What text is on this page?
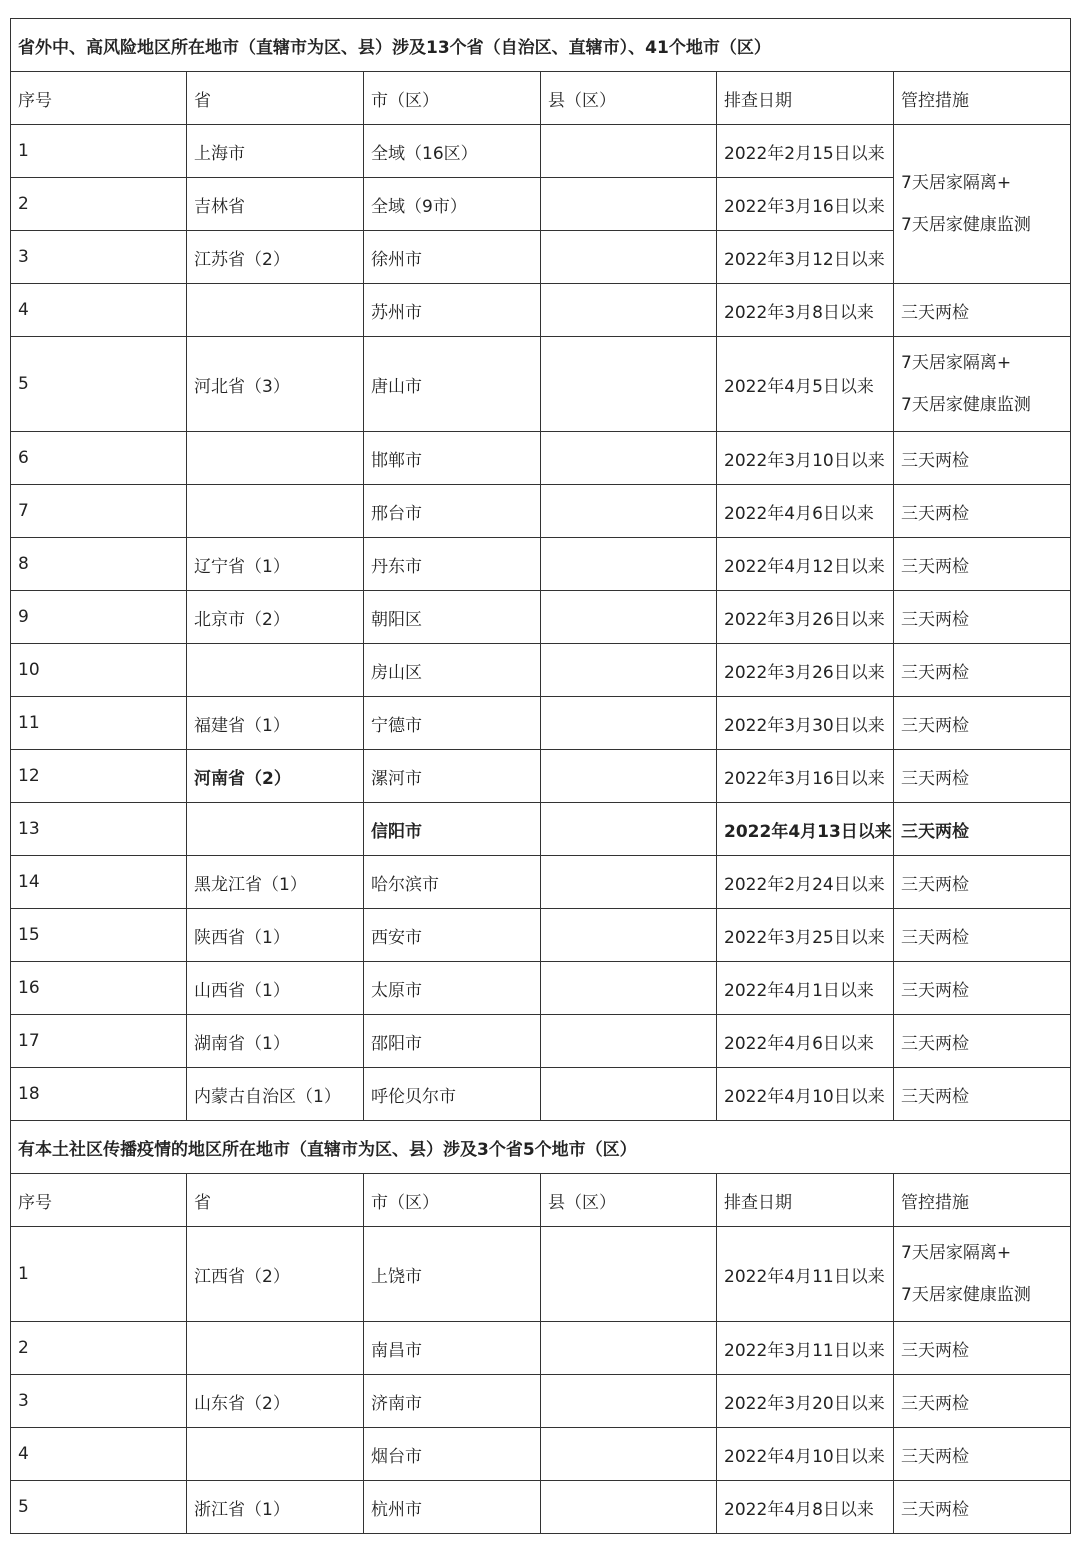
省外中、高风险地区所在地市（直辖市为区、县）涉及13个省（自治区、直辖市）、41个地市（区）					
序号	省	市（区）	县（区）	排查日期	管控措施
1	上海市	全域（16区）		2022年2月15日以来	7天居家隔离+
7天居家健康监测

2	吉林省	全域（9市）		2022年3月16日以来	
3	江苏省（2）	徐州市		2022年3月12日以来	
4		苏州市		2022年3月8日以来	三天两检
5	河北省（3）	唐山市		2022年4月5日以来	7天居家隔离+
7天居家健康监测

6		邯郸市		2022年3月10日以来	三天两检
7		邢台市		2022年4月6日以来	三天两检
8	辽宁省（1）	丹东市		2022年4月12日以来	三天两检
9	北京市（2）	朝阳区		2022年3月26日以来	三天两检
10		房山区		2022年3月26日以来	三天两检
11	福建省（1）	宁德市		2022年3月30日以来	三天两检
12	河南省（2）	漯河市		2022年3月16日以来	三天两检
13		信阳市		2022年4月13日以来	三天两检
14	黑龙江省（1）	哈尔滨市		2022年2月24日以来	三天两检
15	陕西省（1）	西安市		2022年3月25日以来	三天两检
16	山西省（1）	太原市		2022年4月1日以来	三天两检
17	湖南省（1）	邵阳市		2022年4月6日以来	三天两检
18	内蒙古自治区（1）	呼伦贝尔市		2022年4月10日以来	三天两检
有本土社区传播疫情的地区所在地市（直辖市为区、县）涉及3个省5个地市（区）					
序号	省	市（区）	县（区）	排查日期	管控措施
1	江西省（2）	上饶市		2022年4月11日以来	7天居家隔离+
7天居家健康监测

2		南昌市		2022年3月11日以来	三天两检
3	山东省（2）	济南市		2022年3月20日以来	三天两检
4		烟台市		2022年4月10日以来	三天两检
5	浙江省（1）	杭州市		2022年4月8日以来	三天两检
